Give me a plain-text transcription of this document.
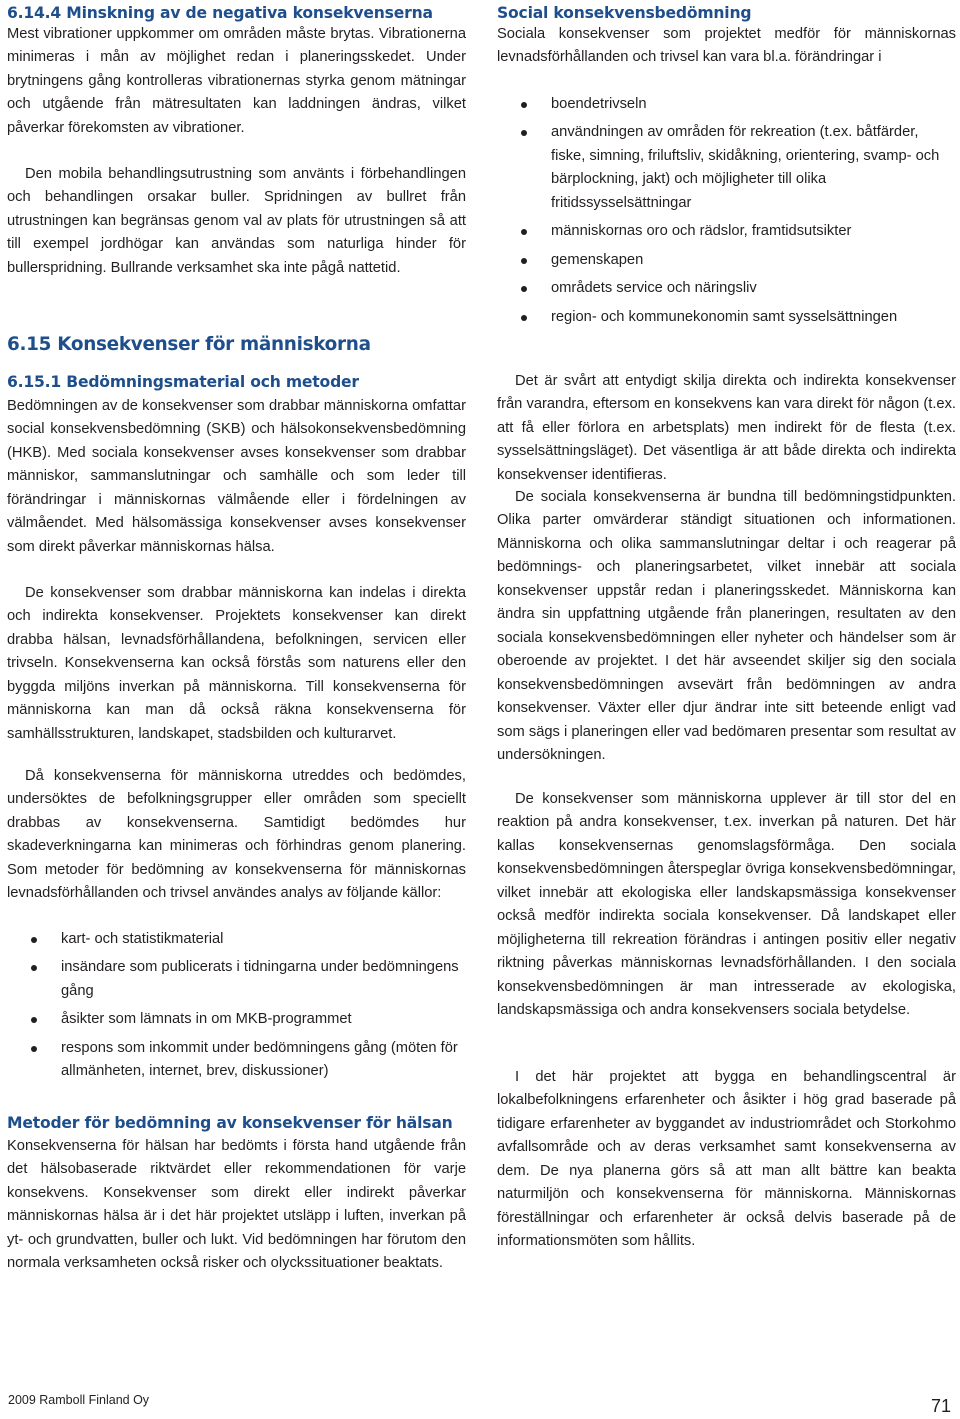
6.14.4 Minskning av de negativa konsekvenserna

Mest vibrationer uppkommer om områden måste brytas. Vibrationerna minimeras i mån av möjlighet redan i planeringsskedet. Under brytningens gång kontrolleras vibrationernas styrka genom mätningar och utgående från mätresultaten kan laddningen ändras, vilket påverkar förekomsten av vibrationer.

Den mobila behandlingsutrustning som använts i förbehandlingen och behandlingen orsakar buller. Spridningen av bullret från utrustningen kan begränsas genom val av plats för utrustningen så att till exempel jordhögar kan användas som naturliga hinder för bullerspridning. Bullrande verksamhet ska inte pågå nattetid.

6.15 Konsekvenser för människorna
6.15.1 Bedömningsmaterial och metoder

Bedömningen av de konsekvenser som drabbar människorna omfattar social konsekvensbedömning (SKB) och hälsokonsekvensbedömning (HKB). Med sociala konsekvenser avses konsekvenser som drabbar människor, sammanslutningar och samhälle och som leder till förändringar i människornas välmående eller i fördelningen av välmåendet. Med hälsomässiga konsekvenser avses konsekvenser som direkt påverkar människornas hälsa.

De konsekvenser som drabbar människorna kan indelas i direkta och indirekta konsekvenser. Projektets konsekvenser kan direkt drabba hälsan, levnadsförhållandena, befolkningen, servicen eller trivseln. Konsekvenserna kan också förstås som naturens eller den byggda miljöns inverkan på människorna. Till konsekvenserna för människorna kan man då också räkna konsekvenserna för samhällsstrukturen, landskapet, stadsbilden och kulturarvet.

Då konsekvenserna för människorna utreddes och bedömdes, undersöktes de befolkningsgrupper eller områden som speciellt drabbas av konsekvenserna. Samtidigt bedömdes hur skadeverkningarna kan minimeras och förhindras genom planering. Som metoder för bedömning av konsekvenserna för människornas levnadsförhållanden och trivsel användes analys av följande källor:

kart- och statistikmaterial
insändare som publicerats i tidningarna under bedömningens gång
åsikter som lämnats in om MKB-programmet
respons som inkommit under bedömningens gång (möten för allmänheten, internet, brev, diskussioner)
Metoder för bedömning av konsekvenser för hälsan

Konsekvenserna för hälsan har bedömts i första hand utgående från det hälsobaserade riktvärdet eller rekommendationen för varje konsekvens. Konsekvenser som direkt eller indirekt påverkar människornas hälsa är i det här projektet utsläpp i luften, inverkan på yt- och grundvatten, buller och lukt. Vid bedömningen har förutom den normala verksamheten också risker och olyckssituationer beaktats.

Social konsekvensbedömning

Sociala konsekvenser som projektet medför för människornas levnadsförhållanden och trivsel kan vara bl.a. förändringar i

boendetrivseln
användningen av områden för rekreation (t.ex. båtfärder, fiske, simning, friluftsliv, skidåkning, orientering, svamp- och bärplockning, jakt) och möjligheter till olika fritidssysselsättningar
människornas oro och rädslor, framtidsutsikter
gemenskapen
områdets service och näringsliv
region- och kommunekonomin samt sysselsättningen

Det är svårt att entydigt skilja direkta och indirekta konsekvenser från varandra, eftersom en konsekvens kan vara direkt för någon (t.ex. att få eller förlora en arbetsplats) men indirekt för de flesta (t.ex. sysselsättningsläget). Det väsentliga är att både direkta och indirekta konsekvenser identifieras.

De sociala konsekvenserna är bundna till bedömningstidpunkten. Olika parter omvärderar ständigt situationen och informationen. Människorna och olika sammanslutningar deltar i och reagerar på bedömnings- och planeringsarbetet, vilket innebär att sociala konsekvenser uppstår redan i planeringsskedet. Människorna kan ändra sin uppfattning utgående från planeringen, resultaten av den sociala konsekvensbedömningen eller nyheter och händelser som är oberoende av projektet. I det här avseendet skiljer sig den sociala konsekvensbedömningen avsevärt från bedömningen av andra konsekvenser. Växter eller djur ändrar inte sitt beteende enligt vad som sägs i planeringen eller vad bedömaren presentar som resultat av undersökningen.

De konsekvenser som människorna upplever är till stor del en reaktion på andra konsekvenser, t.ex. inverkan på naturen. Det här kallas konsekvensernas genomslagsförmåga. Den sociala konsekvensbedömningen återspeglar övriga konsekvensbedömningar, vilket innebär att ekologiska eller landskapsmässiga konsekvenser också medför indirekta sociala konsekvenser. Då landskapet eller möjligheterna till rekreation förändras i antingen positiv eller negativ riktning påverkas människornas levnadsförhållanden. I den sociala konsekvensbedömningen är man intresserade av ekologiska, landskapsmässiga och andra konsekvensers sociala betydelse.

I det här projektet att bygga en behandlingscentral är lokalbefolkningens erfarenheter och åsikter i hög grad baserade på tidigare erfarenheter av byggandet av industriområdet och Storkohmo avfallsområde och av deras verksamhet samt konsekvenserna av dem. De nya planerna görs så att man allt bättre kan beakta naturmiljön och konsekvenserna för människorna. Människornas föreställningar och erfarenheter är också delvis baserade på de informationsmöten som hållits.

2009 Ramboll Finland Oy	71
